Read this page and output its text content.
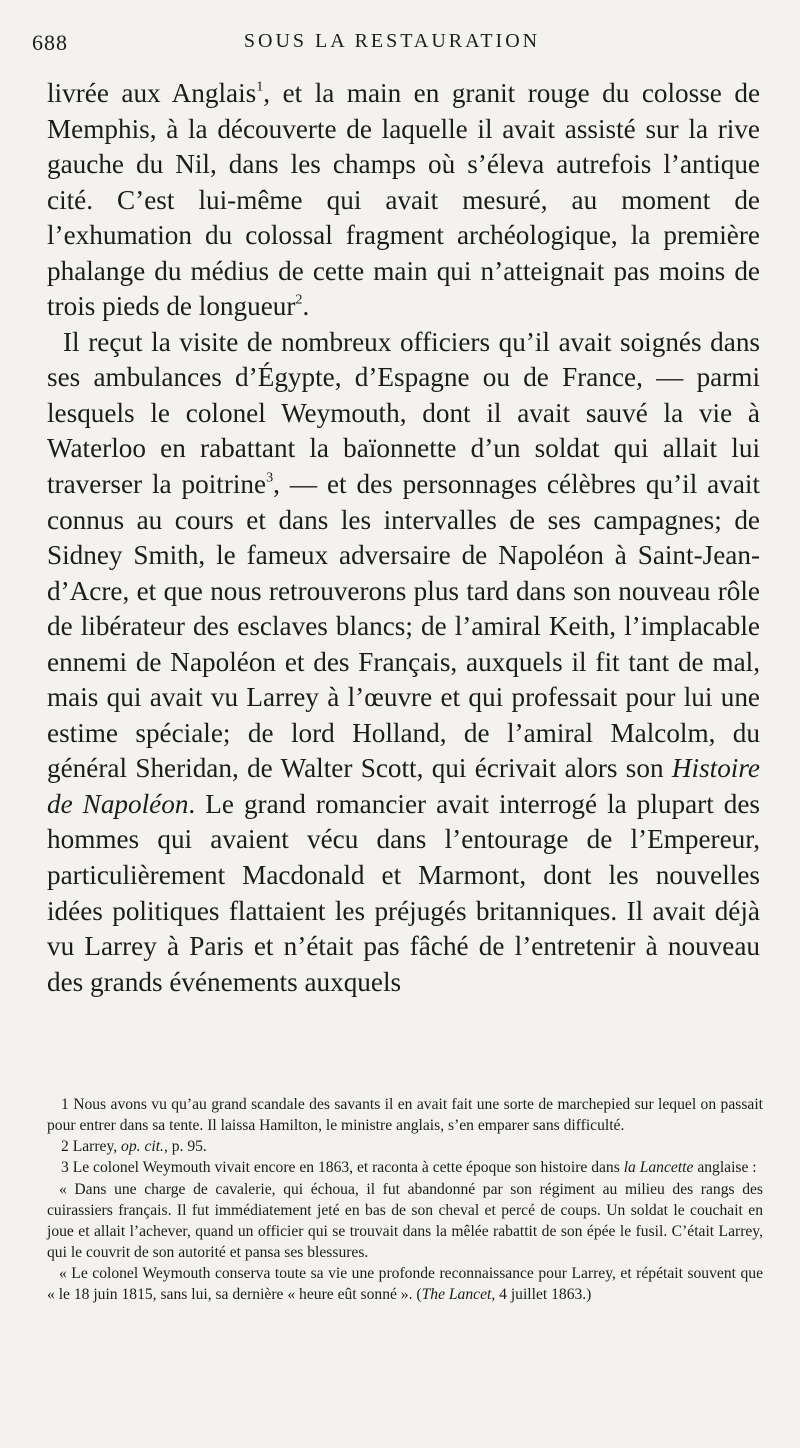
688	SOUS LA RESTAURATION

livrée aux Anglais$^1$, et la main en granit rouge du colosse de Memphis, à la découverte de laquelle il avait assisté sur la rive gauche du Nil, dans les champs où s’éleva autrefois l’antique cité. C’est lui-même qui avait mesuré, au moment de l’exhumation du colossal fragment archéologique, la première phalange du médius de cette main qui n’atteignait pas moins de trois pieds de longueur$^2$.

Il reçut la visite de nombreux officiers qu’il avait soignés dans ses ambulances d’Égypte, d’Espagne ou de France, — parmi lesquels le colonel Weymouth, dont il avait sauvé la vie à Waterloo en rabattant la baïonnette d’un soldat qui allait lui traverser la poitrine$^3$, — et des personnages célèbres qu’il avait connus au cours et dans les intervalles de ses campagnes; de Sidney Smith, le fameux adversaire de Napoléon à Saint-Jean-d’Acre, et que nous retrouverons plus tard dans son nouveau rôle de libérateur des esclaves blancs; de l’amiral Keith, l’implacable ennemi de Napoléon et des Français, auxquels il fit tant de mal, mais qui avait vu Larrey à l’œuvre et qui professait pour lui une estime spéciale; de lord Holland, de l’amiral Malcolm, du général Sheridan, de Walter Scott, qui écrivait alors son Histoire de Napoléon. Le grand romancier avait interrogé la plupart des hommes qui avaient vécu dans l’entourage de l’Empereur, particulièrement Macdonald et Marmont, dont les nouvelles idées politiques flattaient les préjugés britanniques. Il avait déjà vu Larrey à Paris et n’était pas fâché de l’entretenir à nouveau des grands événements auxquels

1 Nous avons vu qu’au grand scandale des savants il en avait fait une sorte de marchepied sur lequel on passait pour entrer dans sa tente. Il laissa Hamilton, le ministre anglais, s’en emparer sans difficulté.

2 Larrey, op. cit., p. 95.

3 Le colonel Weymouth vivait encore en 1863, et raconta à cette époque son histoire dans la Lancette anglaise :

« Dans une charge de cavalerie, qui échoua, il fut abandonné par son régiment au milieu des rangs des cuirassiers français. Il fut immédiatement jeté en bas de son cheval et percé de coups. Un soldat le couchait en joue et allait l’achever, quand un officier qui se trouvait dans la mêlée rabattit de son épée le fusil. C’était Larrey, qui le couvrit de son autorité et pansa ses blessures.

« Le colonel Weymouth conserva toute sa vie une profonde reconnaissance pour Larrey, et répétait souvent que « le 18 juin 1815, sans lui, sa dernière « heure eût sonné ». (The Lancet, 4 juillet 1863.)
